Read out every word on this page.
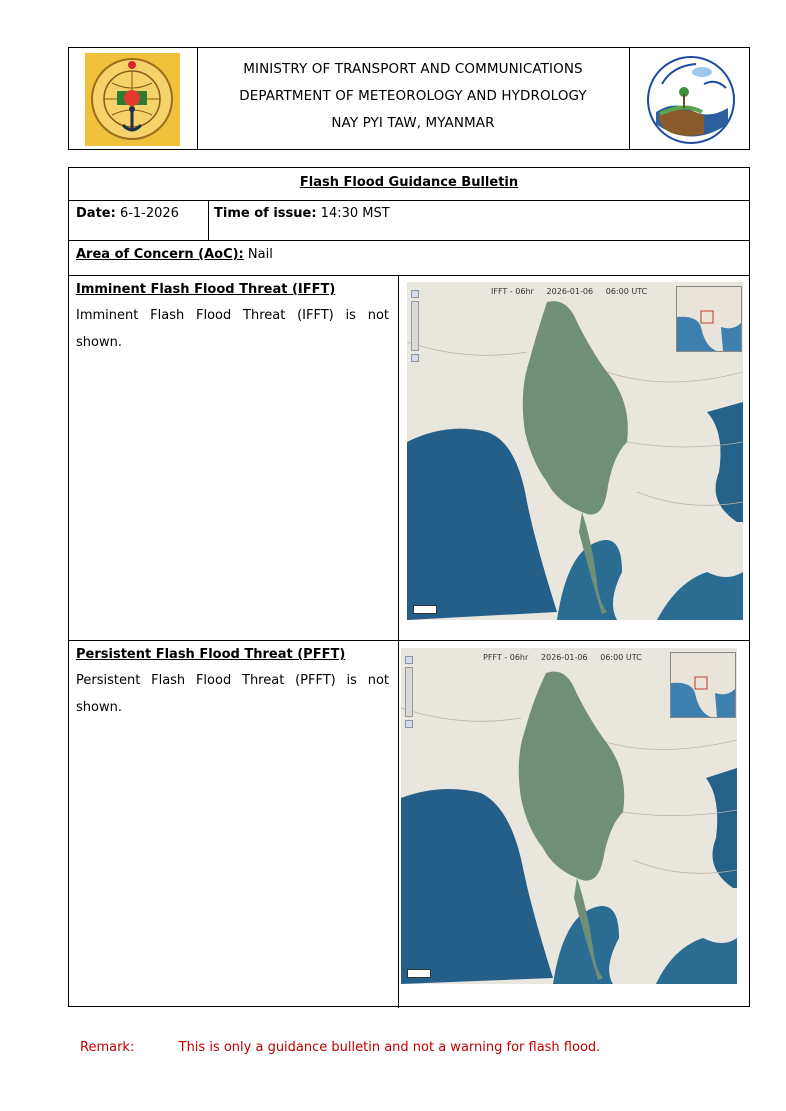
MINISTRY OF TRANSPORT AND COMMUNICATIONS
DEPARTMENT OF METEOROLOGY AND HYDROLOGY
NAY PYI TAW, MYANMAR
Flash Flood Guidance Bulletin
Date: 6-1-2026	Time of issue: 14:30 MST
Area of Concern (AoC): Nail
Imminent Flash Flood Threat (IFFT)
Imminent Flash Flood Threat (IFFT) is not shown.
IFFT - 06hr 2026-01-06 06:00 UTC
Persistent Flash Flood Threat (PFFT)
Persistent Flash Flood Threat (PFFT) is not shown.
PFFT - 06hr 2026-01-06 06:00 UTC
Remark:	This is only a guidance bulletin and not a warning for flash flood.
